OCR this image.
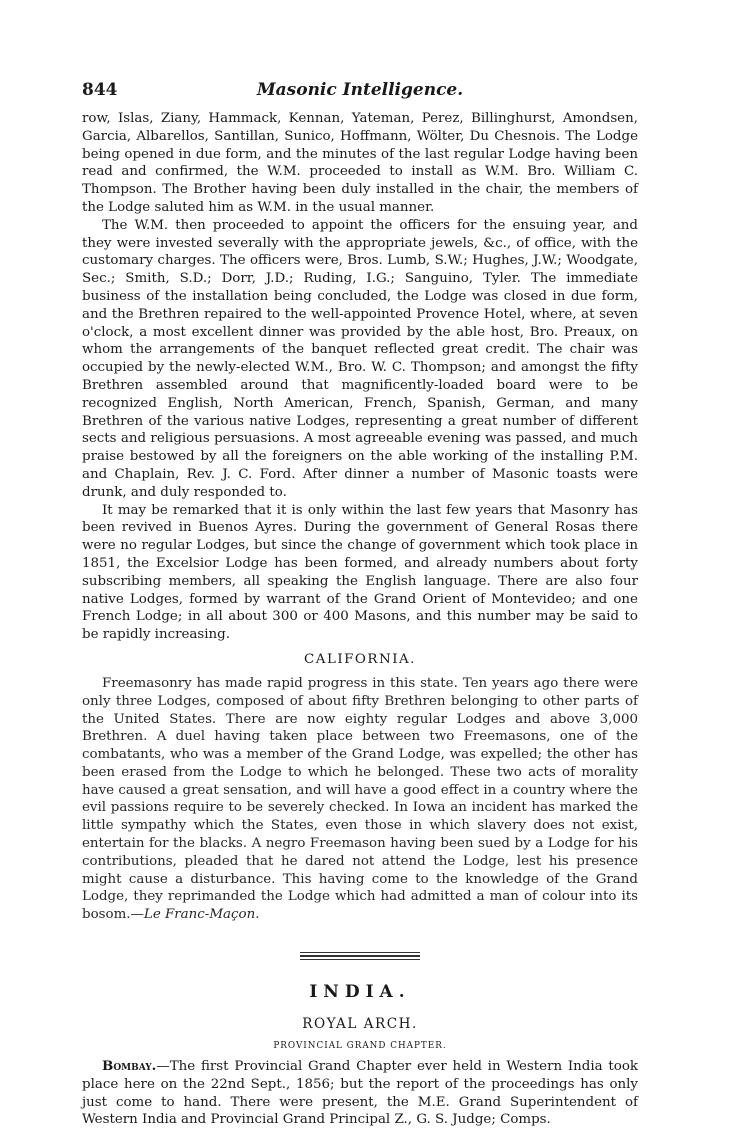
844	Masonic Intelligence.

row, Islas, Ziany, Hammack, Kennan, Yateman, Perez, Billinghurst, Amondsen, Garcia, Albarellos, Santillan, Sunico, Hoffmann, Wölter, Du Chesnois. The Lodge being opened in due form, and the minutes of the last regular Lodge having been read and confirmed, the W.M. proceeded to install as W.M. Bro. William C. Thompson. The Brother having been duly installed in the chair, the members of the Lodge saluted him as W.M. in the usual manner.

The W.M. then proceeded to appoint the officers for the ensuing year, and they were invested severally with the appropriate jewels, &c., of office, with the customary charges. The officers were, Bros. Lumb, S.W.; Hughes, J.W.; Woodgate, Sec.; Smith, S.D.; Dorr, J.D.; Ruding, I.G.; Sanguino, Tyler. The immediate business of the installation being concluded, the Lodge was closed in due form, and the Brethren repaired to the well-appointed Provence Hotel, where, at seven o'clock, a most excellent dinner was provided by the able host, Bro. Preaux, on whom the arrangements of the banquet reflected great credit. The chair was occupied by the newly-elected W.M., Bro. W. C. Thompson; and amongst the fifty Brethren assembled around that magnificently-loaded board were to be recognized English, North American, French, Spanish, German, and many Brethren of the various native Lodges, representing a great number of different sects and religious persuasions. A most agreeable evening was passed, and much praise bestowed by all the foreigners on the able working of the installing P.M. and Chaplain, Rev. J. C. Ford. After dinner a number of Masonic toasts were drunk, and duly responded to.

It may be remarked that it is only within the last few years that Masonry has been revived in Buenos Ayres. During the government of General Rosas there were no regular Lodges, but since the change of government which took place in 1851, the Excelsior Lodge has been formed, and already numbers about forty subscribing members, all speaking the English language. There are also four native Lodges, formed by warrant of the Grand Orient of Montevideo; and one French Lodge; in all about 300 or 400 Masons, and this number may be said to be rapidly increasing.

CALIFORNIA.

Freemasonry has made rapid progress in this state. Ten years ago there were only three Lodges, composed of about fifty Brethren belonging to other parts of the United States. There are now eighty regular Lodges and above 3,000 Brethren. A duel having taken place between two Freemasons, one of the combatants, who was a member of the Grand Lodge, was expelled; the other has been erased from the Lodge to which he belonged. These two acts of morality have caused a great sensation, and will have a good effect in a country where the evil passions require to be severely checked. In Iowa an incident has marked the little sympathy which the States, even those in which slavery does not exist, entertain for the blacks. A negro Freemason having been sued by a Lodge for his contributions, pleaded that he dared not attend the Lodge, lest his presence might cause a disturbance. This having come to the knowledge of the Grand Lodge, they reprimanded the Lodge which had admitted a man of colour into its bosom.—Le Franc-Maçon.

INDIA.
ROYAL ARCH.
PROVINCIAL GRAND CHAPTER.

Bombay.—The first Provincial Grand Chapter ever held in Western India took place here on the 22nd Sept., 1856; but the report of the proceedings has only just come to hand. There were present, the M.E. Grand Superintendent of Western India and Provincial Grand Principal Z., G. S. Judge; Comps.
